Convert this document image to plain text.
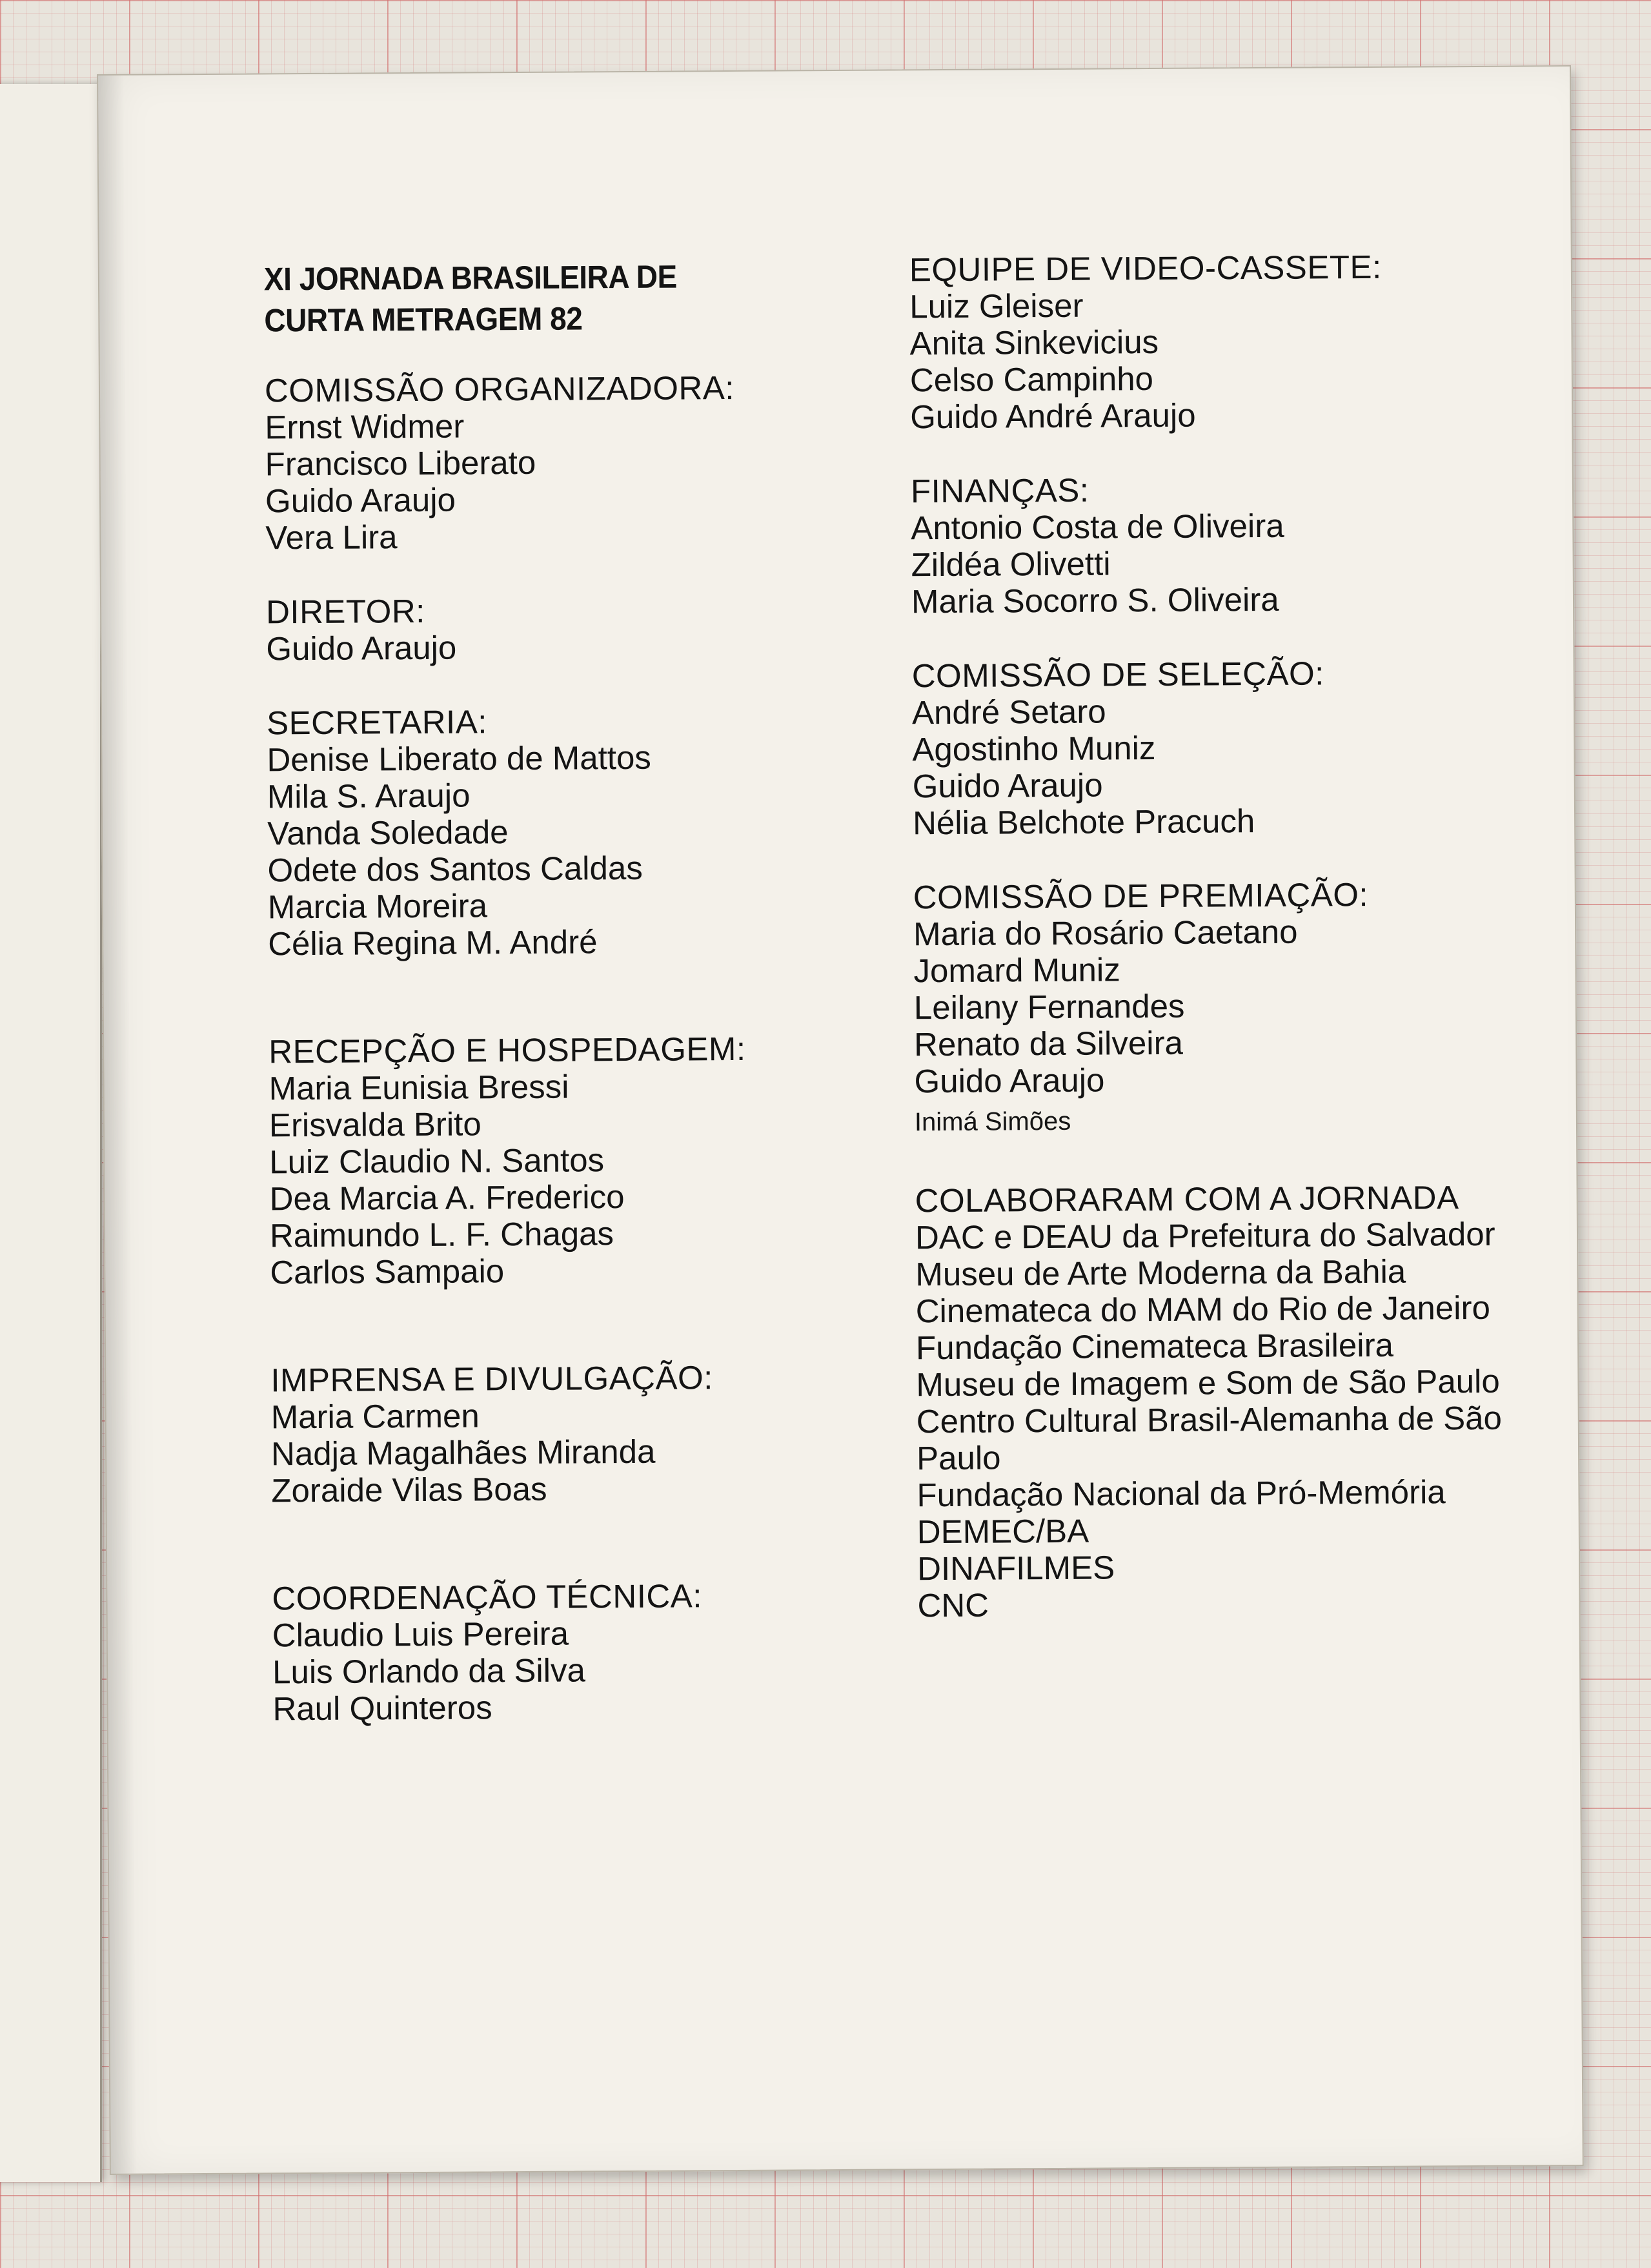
XI JORNADA BRASILEIRA DE
CURTA METRAGEM 82
COMISSÃO ORGANIZADORA:
Ernst Widmer
Francisco Liberato
Guido Araujo
Vera Lira
DIRETOR:
Guido Araujo
SECRETARIA:
Denise Liberato de Mattos
Mila S. Araujo
Vanda Soledade
Odete dos Santos Caldas
Marcia Moreira
Célia Regina M. André
RECEPÇÃO E HOSPEDAGEM:
Maria Eunisia Bressi
Erisvalda Brito
Luiz Claudio N. Santos
Dea Marcia A. Frederico
Raimundo L. F. Chagas
Carlos Sampaio
IMPRENSA E DIVULGAÇÃO:
Maria Carmen
Nadja Magalhães Miranda
Zoraide Vilas Boas
COORDENAÇÃO TÉCNICA:
Claudio Luis Pereira
Luis Orlando da Silva
Raul Quinteros
EQUIPE DE VIDEO-CASSETE:
Luiz Gleiser
Anita Sinkevicius
Celso Campinho
Guido André Araujo
FINANÇAS:
Antonio Costa de Oliveira
Zildéa Olivetti
Maria Socorro S. Oliveira
COMISSÃO DE SELEÇÃO:
André Setaro
Agostinho Muniz
Guido Araujo
Nélia Belchote Pracuch
COMISSÃO DE PREMIAÇÃO:
Maria do Rosário Caetano
Jomard Muniz
Leilany Fernandes
Renato da Silveira
Guido Araujo
Inimá Simões
COLABORARAM COM A JORNADA
DAC e DEAU da Prefeitura do Salvador
Museu de Arte Moderna da Bahia
Cinemateca do MAM do Rio de Janeiro
Fundação Cinemateca Brasileira
Museu de Imagem e Som de São Paulo
Centro Cultural Brasil-Alemanha de São Paulo
Fundação Nacional da Pró-Memória
DEMEC/BA
DINAFILMES
CNC
